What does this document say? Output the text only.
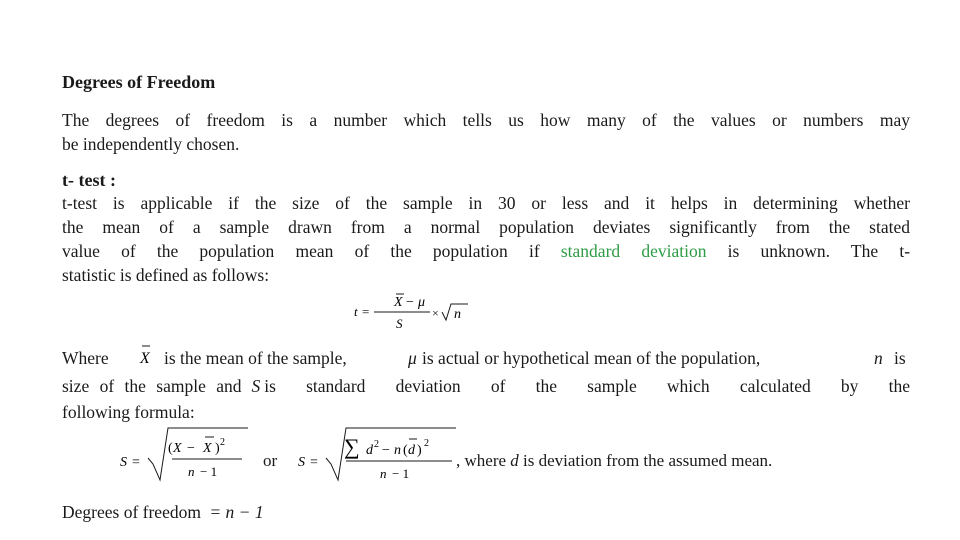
Degrees of Freedom
The degrees of freedom is a number which tells us how many of the values or numbers may
be independently chosen.
t- test :
t-test is applicable if the size of the sample in 30 or less and it helps in determining whether
the mean of a sample drawn from a normal population deviates significantly from the stated
value of the population mean of the population if standard deviation is unknown. The t-
statistic is defined as follows:
t =
X − μ
S
× n
Where X is the mean of the sample,	μ is actual or hypothetical mean of the population,	n is
size of the sample and S is standard deviation of the sample which calculated by the
following formula:
S =
( X − X ) 2
n − 1
or S =
∑ d 2 − n ( d ) 2
n − 1
, where d is deviation from the assumed mean.
Degrees of freedom = n − 1
